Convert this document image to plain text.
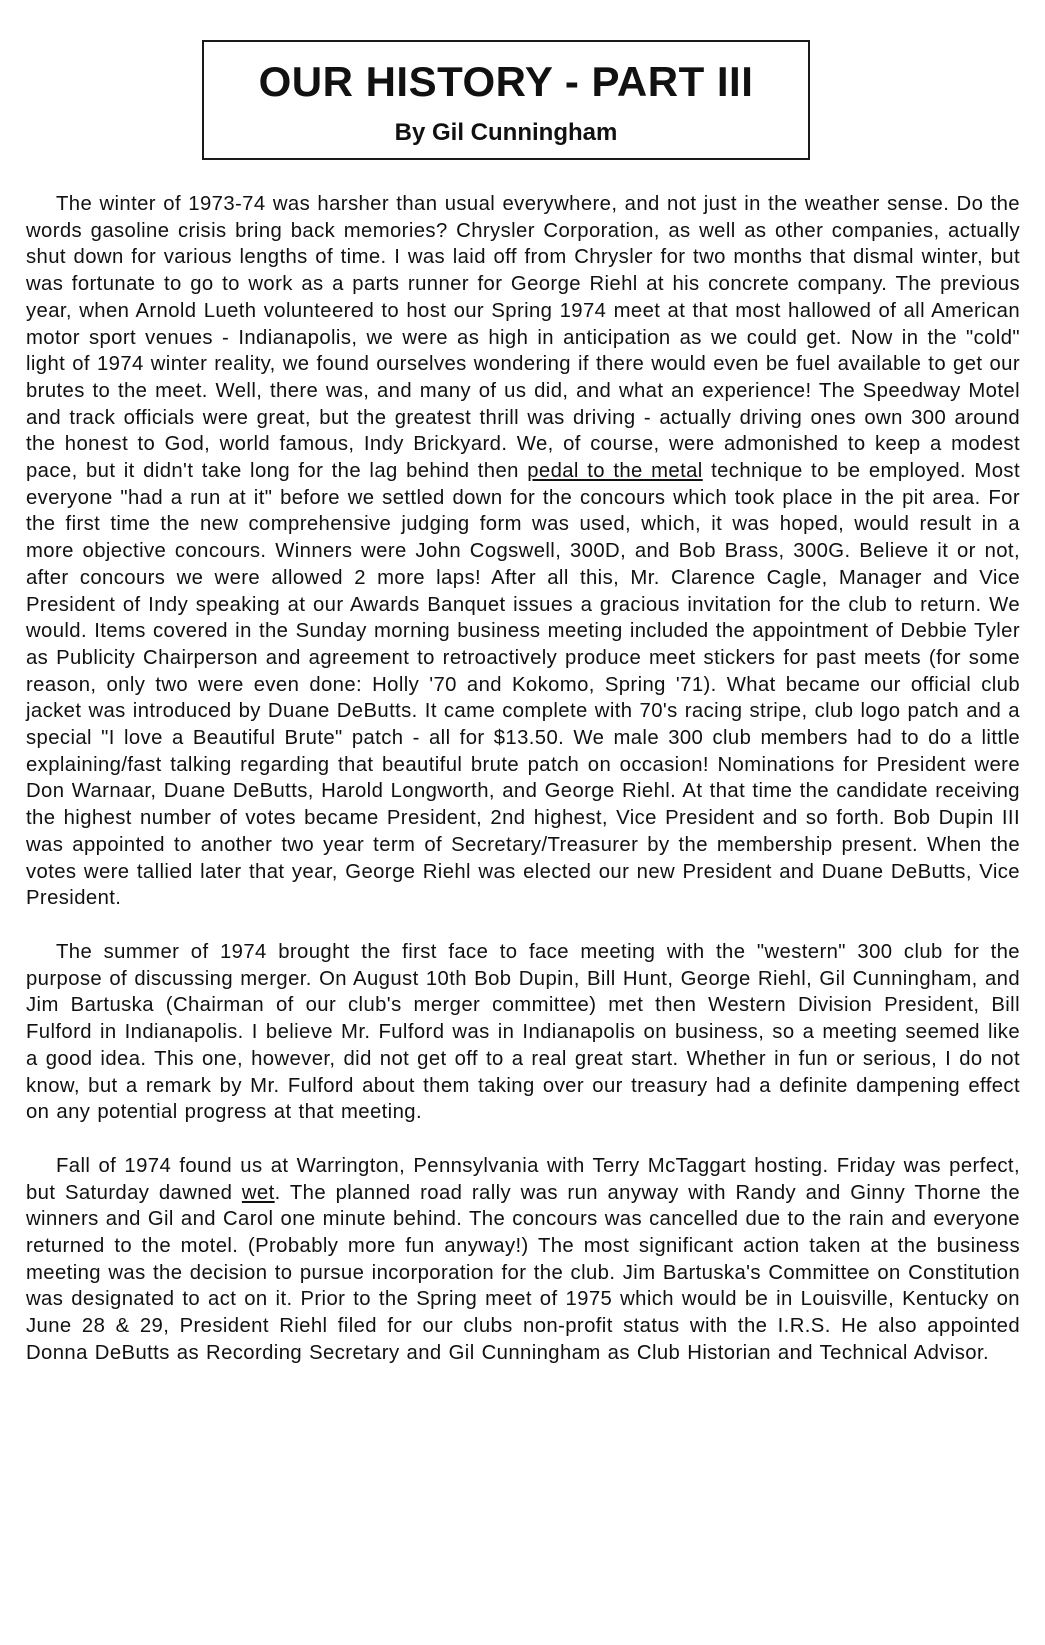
OUR HISTORY - PART III
By Gil Cunningham

The winter of 1973-74 was harsher than usual everywhere, and not just in the weather sense. Do the words gasoline crisis bring back memories? Chrysler Corporation, as well as other companies, actually shut down for various lengths of time. I was laid off from Chrysler for two months that dismal winter, but was fortunate to go to work as a parts runner for George Riehl at his concrete company. The previous year, when Arnold Lueth volunteered to host our Spring 1974 meet at that most hallowed of all American motor sport venues - Indianapolis, we were as high in anticipation as we could get. Now in the "cold" light of 1974 winter reality, we found ourselves wondering if there would even be fuel available to get our brutes to the meet. Well, there was, and many of us did, and what an experience! The Speedway Motel and track officials were great, but the greatest thrill was driving - actually driving ones own 300 around the honest to God, world famous, Indy Brickyard. We, of course, were admonished to keep a modest pace, but it didn't take long for the lag behind then pedal to the metal technique to be employed. Most everyone "had a run at it" before we settled down for the concours which took place in the pit area. For the first time the new comprehensive judging form was used, which, it was hoped, would result in a more objective concours. Winners were John Cogswell, 300D, and Bob Brass, 300G. Believe it or not, after concours we were allowed 2 more laps! After all this, Mr. Clarence Cagle, Manager and Vice President of Indy speaking at our Awards Banquet issues a gracious invitation for the club to return. We would. Items covered in the Sunday morning business meeting included the appointment of Debbie Tyler as Publicity Chairperson and agreement to retroactively produce meet stickers for past meets (for some reason, only two were even done: Holly '70 and Kokomo, Spring '71). What became our official club jacket was introduced by Duane DeButts. It came complete with 70's racing stripe, club logo patch and a special "I love a Beautiful Brute" patch - all for $13.50. We male 300 club members had to do a little explaining/fast talking regarding that beautiful brute patch on occasion! Nominations for President were Don Warnaar, Duane DeButts, Harold Longworth, and George Riehl. At that time the candidate receiving the highest number of votes became President, 2nd highest, Vice President and so forth. Bob Dupin III was appointed to another two year term of Secretary/Treasurer by the membership present. When the votes were tallied later that year, George Riehl was elected our new President and Duane DeButts, Vice President.

The summer of 1974 brought the first face to face meeting with the "western" 300 club for the purpose of discussing merger. On August 10th Bob Dupin, Bill Hunt, George Riehl, Gil Cunningham, and Jim Bartuska (Chairman of our club's merger committee) met then Western Division President, Bill Fulford in Indianapolis. I believe Mr. Fulford was in Indianapolis on business, so a meeting seemed like a good idea. This one, however, did not get off to a real great start. Whether in fun or serious, I do not know, but a remark by Mr. Fulford about them taking over our treasury had a definite dampening effect on any potential progress at that meeting.

Fall of 1974 found us at Warrington, Pennsylvania with Terry McTaggart hosting. Friday was perfect, but Saturday dawned wet. The planned road rally was run anyway with Randy and Ginny Thorne the winners and Gil and Carol one minute behind. The concours was cancelled due to the rain and everyone returned to the motel. (Probably more fun anyway!) The most significant action taken at the business meeting was the decision to pursue incorporation for the club. Jim Bartuska's Committee on Constitution was designated to act on it. Prior to the Spring meet of 1975 which would be in Louisville, Kentucky on June 28 & 29, President Riehl filed for our clubs non-profit status with the I.R.S. He also appointed Donna DeButts as Recording Secretary and Gil Cunningham as Club Historian and Technical Advisor.
